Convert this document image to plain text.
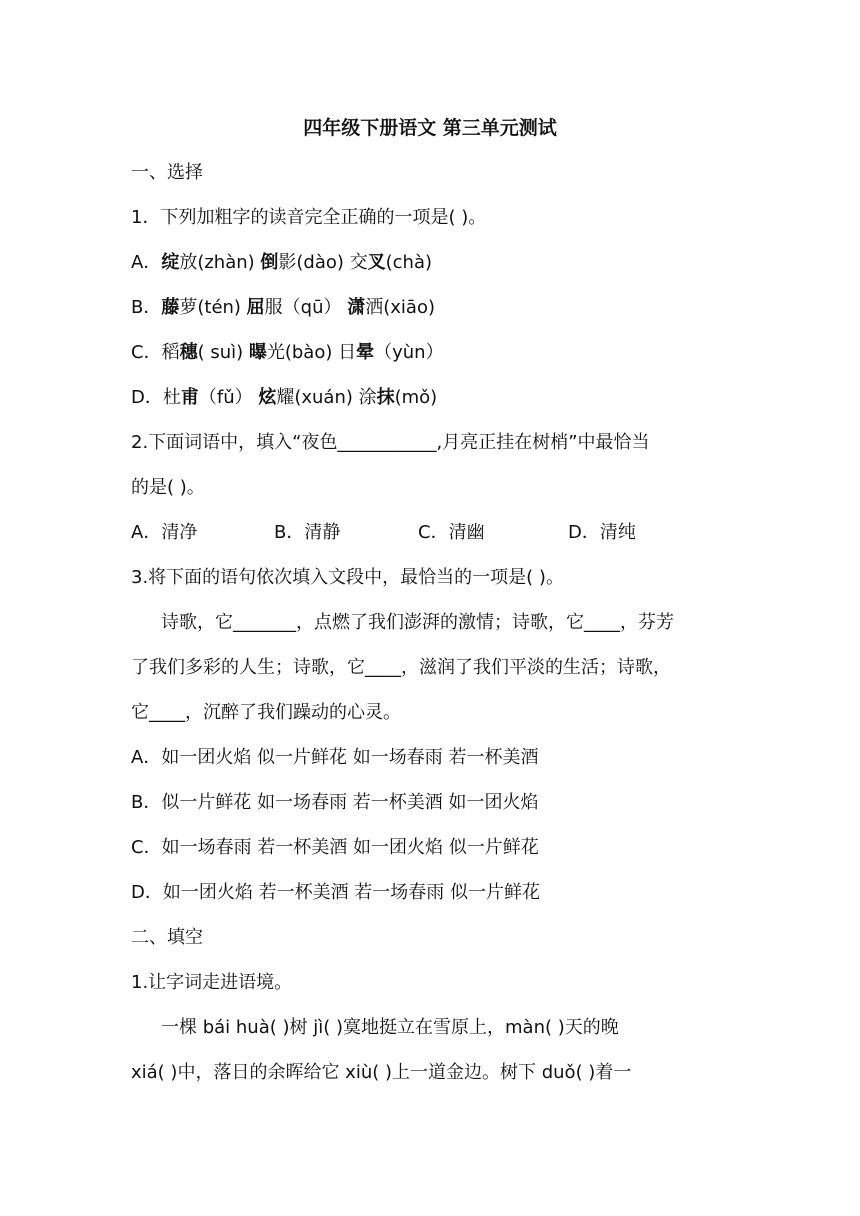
四年级下册语文 第三单元测试
一、选择
1．下列加粗字的读音完全正确的一项是( )。
A．绽放(zhàn) 倒影(dào) 交叉(chà)
B．藤萝(tén) 屈服（qū） 潇洒(xiāo)
C．稻穗( suì) 曝光(bào) 日晕（yùn）
D．杜甫（fǔ） 炫耀(xuán) 涂抹(mǒ)
2.下面词语中，填入“夜色___________,月亮正挂在树梢”中最恰当
的是( )。
A．清净	B．清静	C．清幽	D．清纯
3.将下面的语句依次填入文段中，最恰当的一项是( )。
诗歌，它_______，点燃了我们澎湃的激情；诗歌，它____，芬芳
了我们多彩的人生；诗歌，它____，滋润了我们平淡的生活；诗歌，
它____，沉醉了我们躁动的心灵。
A．如一团火焰 似一片鲜花 如一场春雨 若一杯美酒
B．似一片鲜花 如一场春雨 若一杯美酒 如一团火焰
C．如一场春雨 若一杯美酒 如一团火焰 似一片鲜花
D．如一团火焰 若一杯美酒 若一场春雨 似一片鲜花
二、填空
1.让字词走进语境。
一棵 bái huà( )树 jì( )寞地挺立在雪原上，màn( )天的晚
xiá( )中，落日的余晖给它 xiù( )上一道金边。树下 duǒ( )着一
